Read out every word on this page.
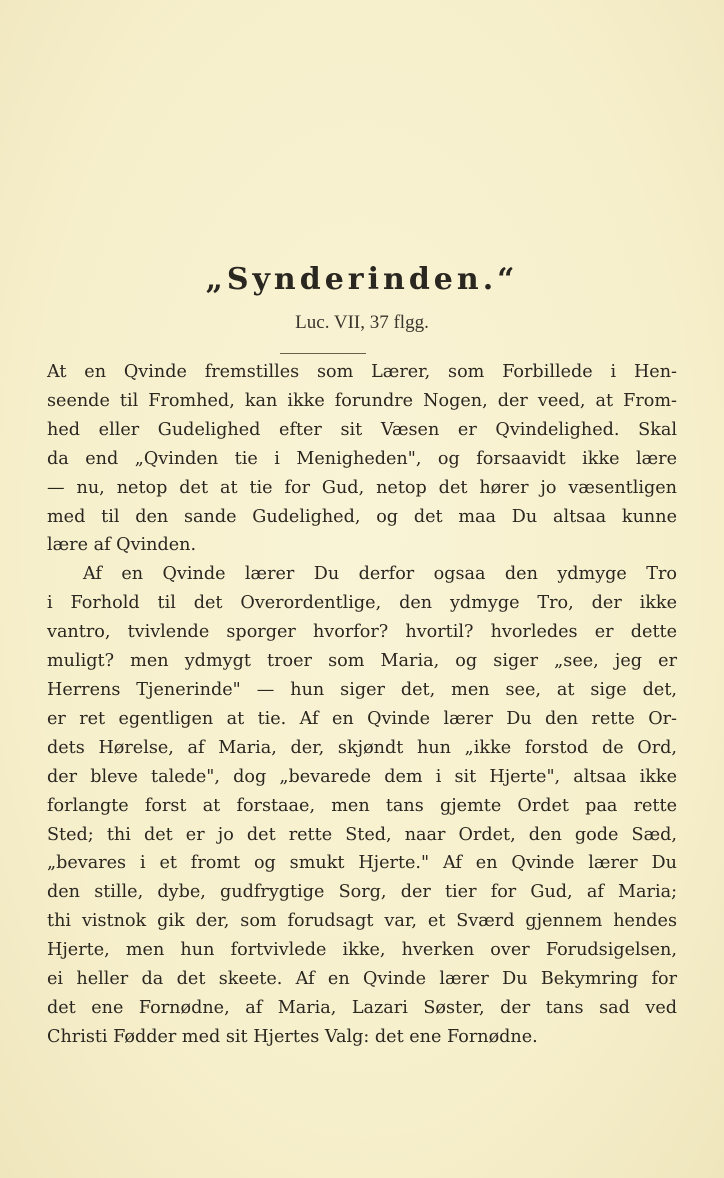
„Synderinden.“
Luc. VII, 37 flgg.

At en Qvinde fremstilles som Lærer, som Forbillede i Hen-

seende til Fromhed, kan ikke forundre Nogen, der veed, at From-

hed eller Gudelighed efter sit Væsen er Qvindelighed. Skal

da end „Qvinden tie i Menigheden", og forsaavidt ikke lære

— nu, netop det at tie for Gud, netop det hører jo væsentligen

med til den sande Gudelighed, og det maa Du altsaa kunne

lære af Qvinden.

Af en Qvinde lærer Du derfor ogsaa den ydmyge Tro

i Forhold til det Overordentlige, den ydmyge Tro, der ikke

vantro, tvivlende sporger hvorfor? hvortil? hvorledes er dette

muligt? men ydmygt troer som Maria, og siger „see, jeg er

Herrens Tjenerinde" — hun siger det, men see, at sige det,

er ret egentligen at tie. Af en Qvinde lærer Du den rette Or-

dets Hørelse, af Maria, der, skjøndt hun „ikke forstod de Ord,

der bleve talede", dog „bevarede dem i sit Hjerte", altsaa ikke

forlangte forst at forstaae, men tans gjemte Ordet paa rette

Sted; thi det er jo det rette Sted, naar Ordet, den gode Sæd,

„bevares i et fromt og smukt Hjerte." Af en Qvinde lærer Du

den stille, dybe, gudfrygtige Sorg, der tier for Gud, af Maria;

thi vistnok gik der, som forudsagt var, et Sværd gjennem hendes

Hjerte, men hun fortvivlede ikke, hverken over Forudsigelsen,

ei heller da det skeete. Af en Qvinde lærer Du Bekymring for

det ene Fornødne, af Maria, Lazari Søster, der tans sad ved

Christi Fødder med sit Hjertes Valg: det ene Fornødne.
